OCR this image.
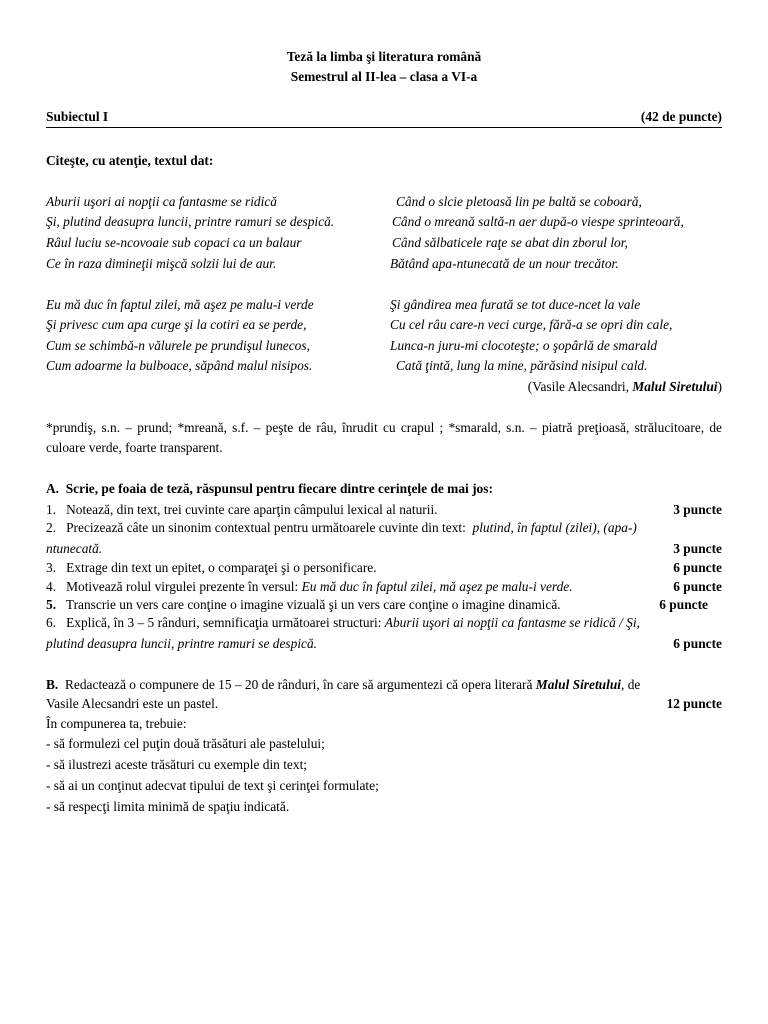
Teză la limba şi literatura română
Semestrul al II-lea – clasa a VI-a
Subiectul I	(42 de puncte)
Citeşte, cu atenţie, textul dat:
Aburii uşori ai nopţii ca fantasme se ridică
Şi, plutind deasupra luncii, printre ramuri se despică.
Râul luciu se-ncovoaie sub copaci ca un balaur
Ce în raza dimineţii mişcă solzii lui de aur.
Când o slcie pletoasă lin pe baltă se coboară,
Când o mreană saltă-n aer după-o viespe sprinteoară,
Când sălbaticele raţe se abat din zborul lor,
Bătând apa-ntunecată de un nour trecător.
Eu mă duc în faptul zilei, mă aşez pe malu-i verde
Şi privesc cum apa curge şi la cotiri ea se perde,
Cum se schimbă-n vălurele pe prundişul lunecos,
Cum adoarme la bulboace, săpând malul nisipos.
Şi gândirea mea furată se tot duce-ncet la vale
Cu cel râu care-n veci curge, fără-a se opri din cale,
Lunca-n juru-mi clocoteşte; o şopârlă de smarald
Cată ţintă, lung la mine, părăsind nisipul cald.
(Vasile Alecsandri, Malul Siretului)
*prundiş, s.n. – prund; *mreană, s.f. – peşte de râu, înrudit cu crapul ; *smarald, s.n. – piatră preţioasă, strălucitoare, de culoare verde, foarte transparent.
A. Scrie, pe foaia de teză, răspunsul pentru fiecare dintre cerinţele de mai jos:
1. Notează, din text, trei cuvinte care aparţin câmpului lexical al naturii.	3 puncte
2. Precizează câte un sinonim contextual pentru următoarele cuvinte din text: plutind, în faptul (zilei), (apa-)
ntunecată.	3 puncte
3. Extrage din text un epitet, o comparaţei şi o personificare.	6 puncte
4. Motivează rolul virgulei prezente în versul: Eu mă duc în faptul zilei, mă aşez pe malu-i verde.	6 puncte
5. Transcrie un vers care conţine o imagine vizuală şi un vers care conţine o imagine dinamică.	6 puncte
6. Explică, în 3 – 5 rânduri, semnificaţia următoarei structuri: Aburii uşori ai nopţii ca fantasme se ridică / Şi,
plutind deasupra luncii, printre ramuri se despică.	6 puncte
B. Redactează o compunere de 15 – 20 de rânduri, în care să argumentezi că opera literară Malul Siretului, de
Vasile Alecsandri este un pastel.	12 puncte
În compunerea ta, trebuie:
- să formulezi cel puţin două trăsături ale pastelului;
- să ilustrezi aceste trăsături cu exemple din text;
- să ai un conţinut adecvat tipului de text şi cerinţei formulate;
- să respecţi limita minimă de spaţiu indicată.
